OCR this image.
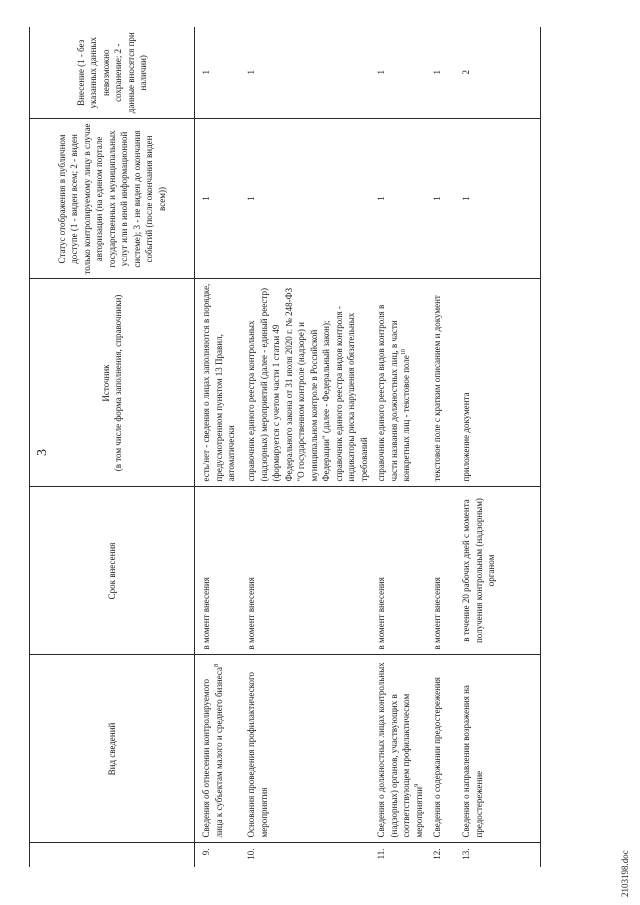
3
	Вид сведений	Срок внесения	Источник (в том числе форма заполнения, справочники)	Статус отображения в публичном доступе (1 - виден всем; 2 - виден только контролируемому лицу в случае авторизации (на едином портале государственных и муниципальных услуг или в иной информационной системе); 3 - не виден до окончания событий (после окончания виден всем))	Внесение (1 - без указанных данных невозможно сохранение; 2 - данные вносятся при наличии)
9.	Сведения об отнесении контролируемого лица к субъектам малого и среднего бизнеса$^8$	в момент внесения	есть/нет - сведения о лицах заполняются в порядке, предусмотренном пунктом 13 Правил, автоматически	1	1
10.	Основания проведения профилактического мероприятия	в момент внесения	справочник единого реестра контрольных (надзорных) мероприятий (далее - единый реестр) (формируется с учетом части 1 статьи 49 Федерального закона от 31 июля 2020 г. № 248-ФЗ "О государственном контроле (надзоре) и муниципальном контроле в Российской Федерации" (далее - Федеральный закон); справочник единого реестра видов контроля - индикаторы риска нарушения обязательных требований	1	1
11.	Сведения о должностных лицах контрольных (надзорных) органов, участвующих в соответствующем профилактическом мероприятии$^9$	в момент внесения	справочник единого реестра видов контроля в части названия должностных лиц, в части конкретных лиц - текстовое поле$^{10}$	1	1
12.	Сведения о содержании предостережения	в момент внесения	текстовое поле с кратким описанием и документ	1	1
13.	Сведения о направлении возражения на предостережение	в течение 20 рабочих дней с момента получения контрольным (надзорным) органом	приложение документа	1	2
2103198.doc
